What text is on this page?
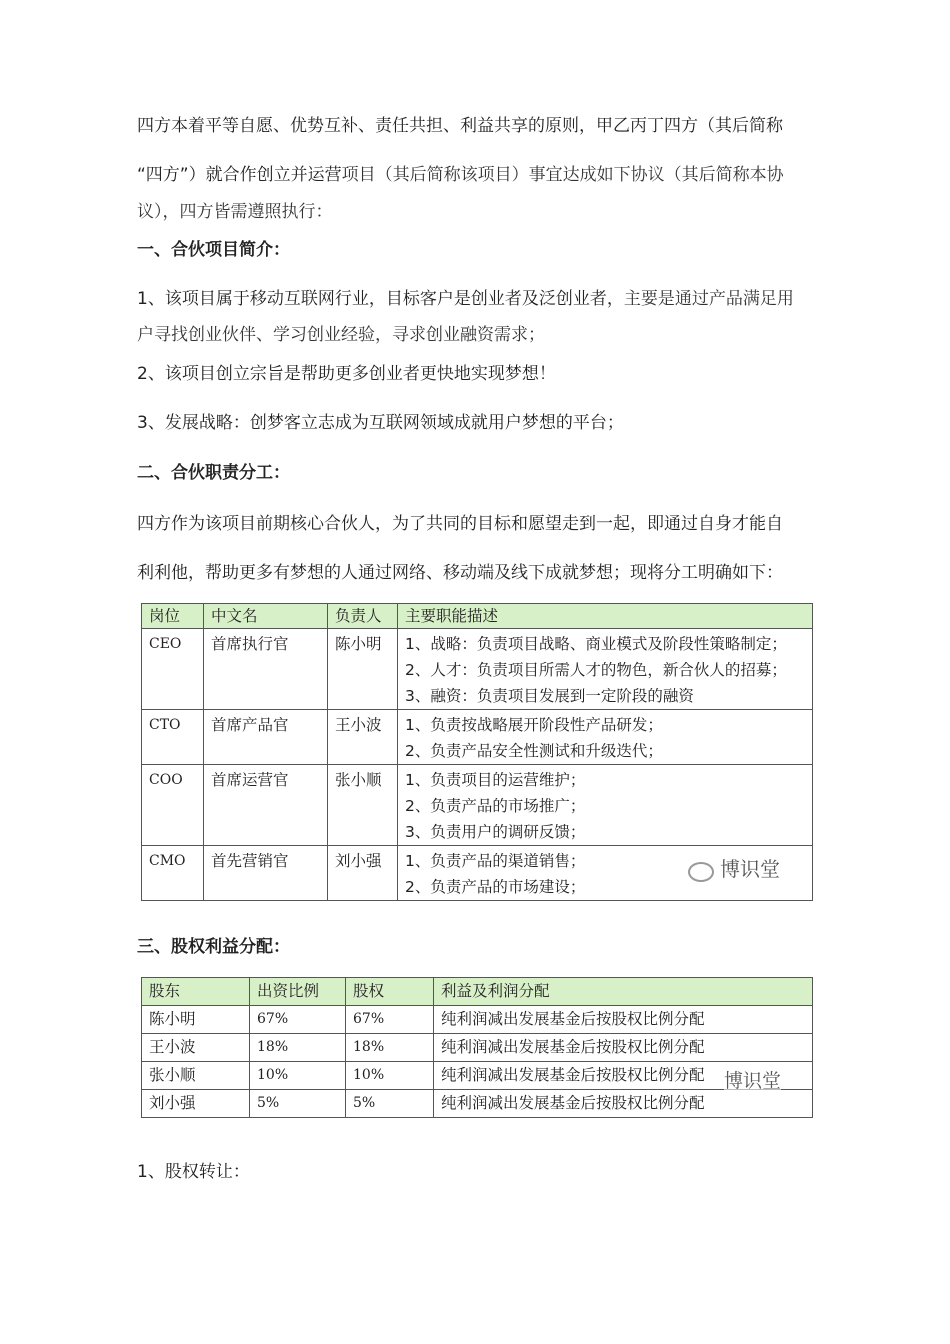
四方本着平等自愿、优势互补、责任共担、利益共享的原则，甲乙丙丁四方（其后简称
“四方”）就合作创立并运营项目（其后简称该项目）事宜达成如下协议（其后简称本协
议），四方皆需遵照执行：
一、合伙项目简介：
1、该项目属于移动互联网行业，目标客户是创业者及泛创业者，主要是通过产品满足用
户寻找创业伙伴、学习创业经验，寻求创业融资需求；
2、该项目创立宗旨是帮助更多创业者更快地实现梦想！
3、发展战略：创梦客立志成为互联网领域成就用户梦想的平台；
二、合伙职责分工：
四方作为该项目前期核心合伙人，为了共同的目标和愿望走到一起，即通过自身才能自
利利他，帮助更多有梦想的人通过网络、移动端及线下成就梦想；现将分工明确如下：
岗位	中文名	负责人	主要职能描述
CEO	首席执行官	陈小明	1、战略：负责项目战略、商业模式及阶段性策略制定；
2、人才：负责项目所需人才的物色，新合伙人的招募；
3、融资：负责项目发展到一定阶段的融资

CTO	首席产品官	王小波	1、负责按战略展开阶段性产品研发；
2、负责产品安全性测试和升级迭代；

COO	首席运营官	张小顺	1、负责项目的运营维护；
2、负责产品的市场推广；
3、负责用户的调研反馈；

CMO	首先营销官	刘小强	1、负责产品的渠道销售；
2、负责产品的市场建设；
博识堂
三、股权利益分配：
股东	出资比例	股权	利益及利润分配
陈小明	67%	67%	纯利润减出发展基金后按股权比例分配
王小波	18%	18%	纯利润减出发展基金后按股权比例分配
张小顺	10%	10%	纯利润减出发展基金后按股权比例分配 博识堂

刘小强	5%	5%	纯利润减出发展基金后按股权比例分配
1、股权转让：
